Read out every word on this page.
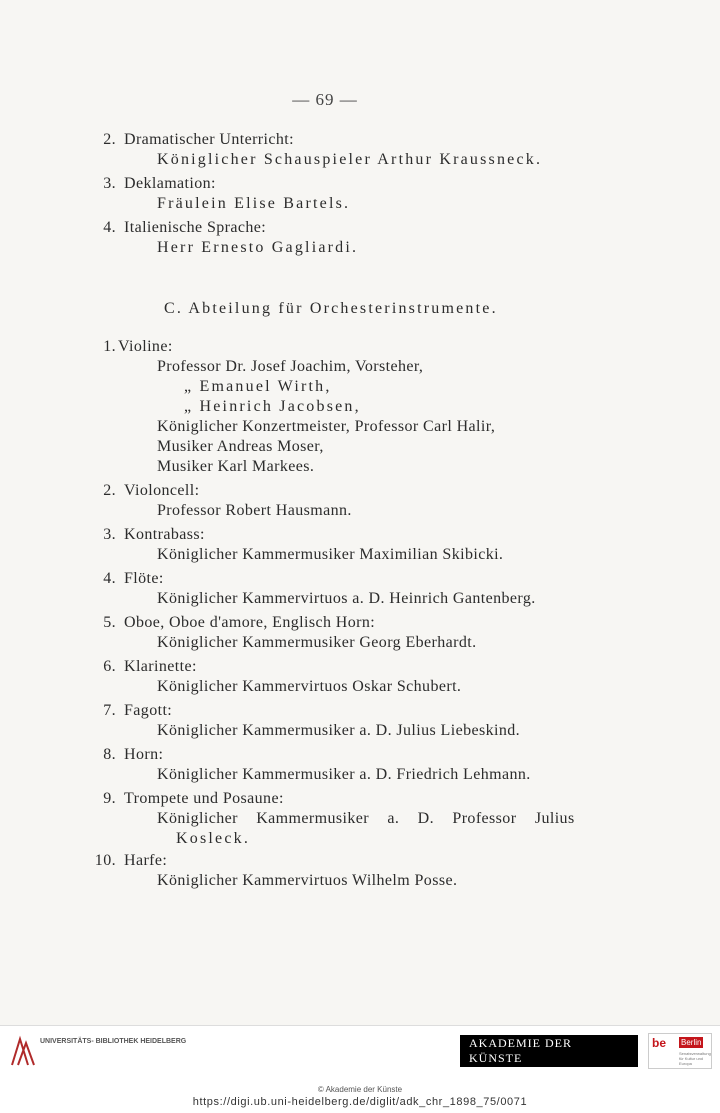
— 69 —
2. Dramatischer Unterricht:
Königlicher Schauspieler Arthur Kraussneck.
3. Deklamation:
Fräulein Elise Bartels.
4. Italienische Sprache:
Herr Ernesto Gagliardi.
C. Abteilung für Orchesterinstrumente.
1. Violine:
Professor Dr. Josef Joachim, Vorsteher,
„ Emanuel Wirth,
„ Heinrich Jacobsen,
Königlicher Konzertmeister, Professor Carl Halir,
Musiker Andreas Moser,
Musiker Karl Markees.
2. Violoncell:
Professor Robert Hausmann.
3. Kontrabass:
Königlicher Kammermusiker Maximilian Skibicki.
4. Flöte:
Königlicher Kammervirtuos a. D. Heinrich Gantenberg.
5. Oboe, Oboe d'amore, Englisch Horn:
Königlicher Kammermusiker Georg Eberhardt.
6. Klarinette:
Königlicher Kammervirtuos Oskar Schubert.
7. Fagott:
Königlicher Kammermusiker a. D. Julius Liebeskind.
8. Horn:
Königlicher Kammermusiker a. D. Friedrich Lehmann.
9. Trompete und Posaune:
Königlicher Kammermusiker a. D. Professor Julius
Kosleck.
10. Harfe:
Königlicher Kammervirtuos Wilhelm Posse.
UNIVERSITÄTS- BIBLIOTHEK HEIDELBERG	AKADEMIE DER KÜNSTE
be Berlin
Senatsverwaltung für Kultur und Europa
© Akademie der Künste
https://digi.ub.uni-heidelberg.de/diglit/adk_chr_1898_75/0071
